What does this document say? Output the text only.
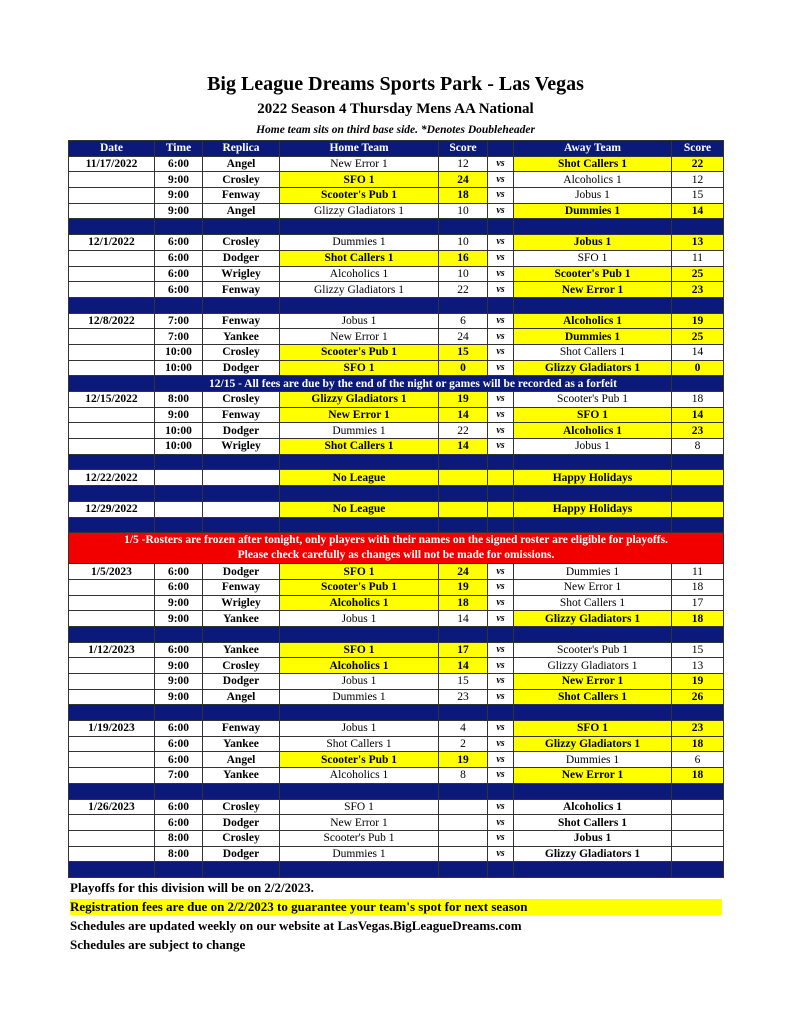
Big League Dreams Sports Park - Las Vegas
2022 Season 4 Thursday Mens AA National
Home team sits on third base side. *Denotes Doubleheader
Date	Time	Replica	Home Team	Score		Away Team	Score
11/17/2022	6:00	Angel	New Error 1	12	vs	Shot Callers 1	22
	9:00	Crosley	SFO 1	24	vs	Alcoholics 1	12
	9:00	Fenway	Scooter's Pub 1	18	vs	Jobus 1	15
	9:00	Angel	Glizzy Gladiators 1	10	vs	Dummies 1	14

12/1/2022	6:00	Crosley	Dummies 1	10	vs	Jobus 1	13
	6:00	Dodger	Shot Callers 1	16	vs	SFO 1	11
	6:00	Wrigley	Alcoholics 1	10	vs	Scooter's Pub 1	25
	6:00	Fenway	Glizzy Gladiators 1	22	vs	New Error 1	23

12/8/2022	7:00	Fenway	Jobus 1	6	vs	Alcoholics 1	19
	7:00	Yankee	New Error 1	24	vs	Dummies 1	25
	10:00	Crosley	Scooter's Pub 1	15	vs	Shot Callers 1	14
	10:00	Dodger	SFO 1	0	vs	Glizzy Gladiators 1	0
	12/15 - All fees are due by the end of the night or games will be recorded as a forfeit						
12/15/2022	8:00	Crosley	Glizzy Gladiators 1	19	vs	Scooter's Pub 1	18
	9:00	Fenway	New Error 1	14	vs	SFO 1	14
	10:00	Dodger	Dummies 1	22	vs	Alcoholics 1	23
	10:00	Wrigley	Shot Callers 1	14	vs	Jobus 1	8

12/22/2022			No League			Happy Holidays	

12/29/2022			No League			Happy Holidays	

1/5 -Rosters are frozen after tonight, only players with their names on the signed roster are eligible for playoffs.
Please check carefully as changes will not be made for omissions.							

1/5/2023	6:00	Dodger	SFO 1	24	vs	Dummies 1	11
	6:00	Fenway	Scooter's Pub 1	19	vs	New Error 1	18
	9:00	Wrigley	Alcoholics 1	18	vs	Shot Callers 1	17
	9:00	Yankee	Jobus 1	14	vs	Glizzy Gladiators 1	18

1/12/2023	6:00	Yankee	SFO 1	17	vs	Scooter's Pub 1	15
	9:00	Crosley	Alcoholics 1	14	vs	Glizzy Gladiators 1	13
	9:00	Dodger	Jobus 1	15	vs	New Error 1	19
	9:00	Angel	Dummies 1	23	vs	Shot Callers 1	26

1/19/2023	6:00	Fenway	Jobus 1	4	vs	SFO 1	23
	6:00	Yankee	Shot Callers 1	2	vs	Glizzy Gladiators 1	18
	6:00	Angel	Scooter's Pub 1	19	vs	Dummies 1	6
	7:00	Yankee	Alcoholics 1	8	vs	New Error 1	18

1/26/2023	6:00	Crosley	SFO 1		vs	Alcoholics 1	
	6:00	Dodger	New Error 1		vs	Shot Callers 1	
	8:00	Crosley	Scooter's Pub 1		vs	Jobus 1	
	8:00	Dodger	Dummies 1		vs	Glizzy Gladiators 1	

Playoffs for this division will be on 2/2/2023.
Registration fees are due on 2/2/2023 to guarantee your team's spot for next season
Schedules are updated weekly on our website at LasVegas.BigLeagueDreams.com
Schedules are subject to change
